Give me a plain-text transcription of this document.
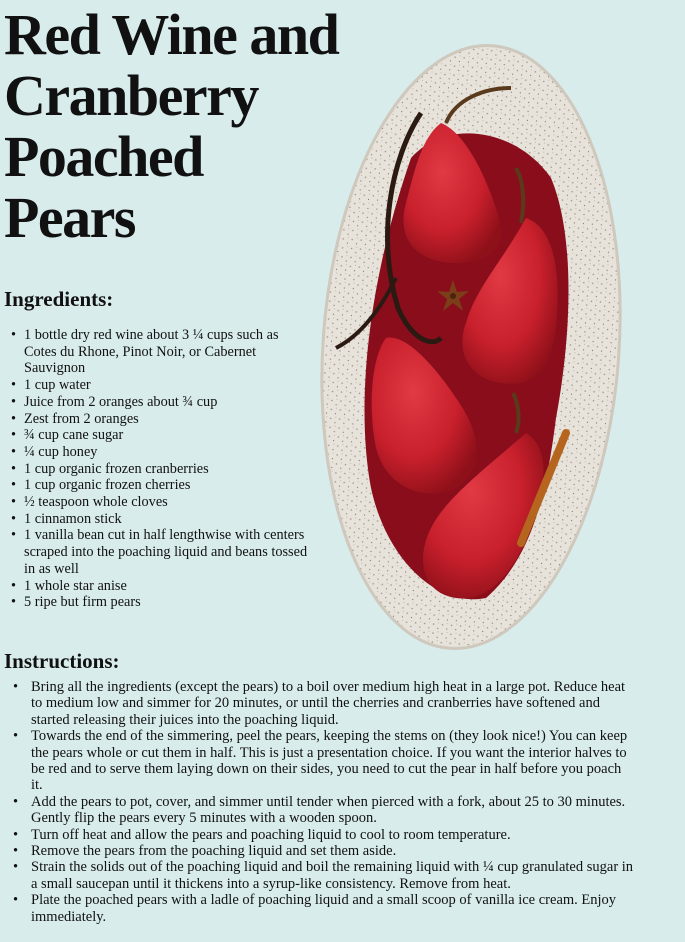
Red Wine and
Cranberry
Poached
Pears
Ingredients:
• 1 bottle dry red wine about 3 ¼ cups such as Cotes du Rhone, Pinot Noir, or Cabernet Sauvignon
• 1 cup water
• Juice from 2 oranges about ¾ cup
• Zest from 2 oranges
• ¾ cup cane sugar
• ¼ cup honey
• 1 cup organic frozen cranberries
• 1 cup organic frozen cherries
• ½ teaspoon whole cloves
• 1 cinnamon stick
• 1 vanilla bean cut in half lengthwise with centers scraped into the poaching liquid and beans tossed in as well
• 1 whole star anise
• 5 ripe but firm pears
Instructions:
• Bring all the ingredients (except the pears) to a boil over medium high heat in a large pot. Reduce heat to medium low and simmer for 20 minutes, or until the cherries and cranberries have softened and started releasing their juices into the poaching liquid.
• Towards the end of the simmering, peel the pears, keeping the stems on (they look nice!) You can keep the pears whole or cut them in half. This is just a presentation choice. If you want the interior halves to be red and to serve them laying down on their sides, you need to cut the pear in half before you poach it.
• Add the pears to pot, cover, and simmer until tender when pierced with a fork, about 25 to 30 minutes. Gently flip the pears every 5 minutes with a wooden spoon.
• Turn off heat and allow the pears and poaching liquid to cool to room temperature.
• Remove the pears from the poaching liquid and set them aside.
• Strain the solids out of the poaching liquid and boil the remaining liquid with ¼ cup granulated sugar in a small saucepan until it thickens into a syrup-like consistency. Remove from heat.
• Plate the poached pears with a ladle of poaching liquid and a small scoop of vanilla ice cream. Enjoy immediately.
